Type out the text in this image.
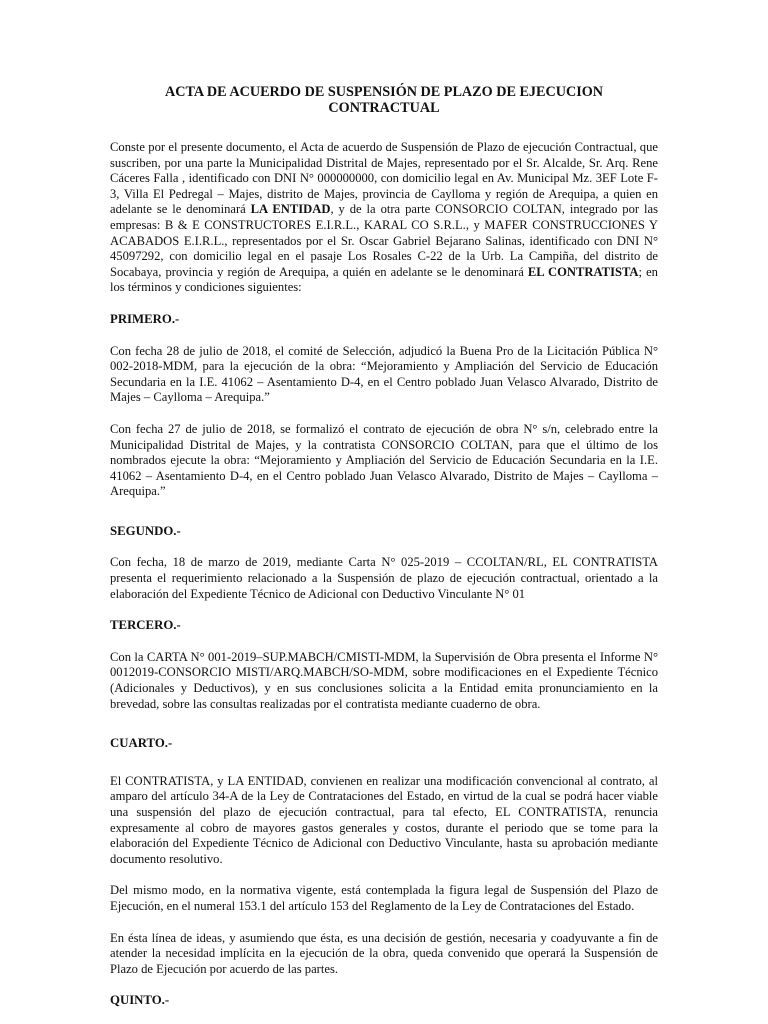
ACTA DE ACUERDO DE SUSPENSIÓN DE PLAZO DE EJECUCION
CONTRACTUAL

Conste por el presente documento, el Acta de acuerdo de Suspensión de Plazo de ejecución Contractual, que suscriben, por una parte la Municipalidad Distrital de Majes, representado por el Sr. Alcalde, Sr. Arq. Rene Cáceres Falla , identificado con DNI N° 000000000, con domicilio legal en Av. Municipal Mz. 3EF Lote F-3, Villa El Pedregal – Majes, distrito de Majes, provincia de Caylloma y región de Arequipa, a quien en adelante se le denominará LA ENTIDAD, y de la otra parte CONSORCIO COLTAN, integrado por las empresas: B & E CONSTRUCTORES E.I.R.L., KARAL CO S.R.L., y MAFER CONSTRUCCIONES Y ACABADOS E.I.R.L., representados por el Sr. Oscar Gabriel Bejarano Salinas, identificado con DNI N° 45097292, con domicilio legal en el pasaje Los Rosales C-22 de la Urb. La Campiña, del distrito de Socabaya, provincia y región de Arequipa, a quién en adelante se le denominará EL CONTRATISTA; en los términos y condiciones siguientes:

PRIMERO.-

Con fecha 28 de julio de 2018, el comité de Selección, adjudicó la Buena Pro de la Licitación Pública N° 002-2018-MDM, para la ejecución de la obra: “Mejoramiento y Ampliación del Servicio de Educación Secundaria en la I.E. 41062 – Asentamiento D-4, en el Centro poblado Juan Velasco Alvarado, Distrito de Majes – Caylloma – Arequipa.”

Con fecha 27 de julio de 2018, se formalizó el contrato de ejecución de obra N° s/n, celebrado entre la Municipalidad Distrital de Majes, y la contratista CONSORCIO COLTAN, para que el último de los nombrados ejecute la obra: “Mejoramiento y Ampliación del Servicio de Educación Secundaria en la I.E. 41062 – Asentamiento D-4, en el Centro poblado Juan Velasco Alvarado, Distrito de Majes – Caylloma – Arequipa.”

SEGUNDO.-

Con fecha, 18 de marzo de 2019, mediante Carta N° 025-2019 – CCOLTAN/RL, EL CONTRATISTA presenta el requerimiento relacionado a la Suspensión de plazo de ejecución contractual, orientado a la elaboración del Expediente Técnico de Adicional con Deductivo Vinculante N° 01

TERCERO.-

Con la CARTA N° 001-2019–SUP.MABCH/CMISTI-MDM, la Supervisión de Obra presenta el Informe N° 0012019-CONSORCIO MISTI/ARQ.MABCH/SO-MDM, sobre modificaciones en el Expediente Técnico (Adicionales y Deductivos), y en sus conclusiones solicita a la Entidad emita pronunciamiento en la brevedad, sobre las consultas realizadas por el contratista mediante cuaderno de obra.

CUARTO.-

El CONTRATISTA, y LA ENTIDAD, convienen en realizar una modificación convencional al contrato, al amparo del artículo 34-A de la Ley de Contrataciones del Estado, en virtud de la cual se podrá hacer viable una suspensión del plazo de ejecución contractual, para tal efecto, EL CONTRATISTA, renuncia expresamente al cobro de mayores gastos generales y costos, durante el periodo que se tome para la elaboración del Expediente Técnico de Adicional con Deductivo Vinculante, hasta su aprobación mediante documento resolutivo.

Del mismo modo, en la normativa vigente, está contemplada la figura legal de Suspensión del Plazo de Ejecución, en el numeral 153.1 del artículo 153 del Reglamento de la Ley de Contrataciones del Estado.

En ésta línea de ideas, y asumiendo que ésta, es una decisión de gestión, necesaria y coadyuvante a fin de atender la necesidad implícita en la ejecución de la obra, queda convenido que operará la Suspensión de Plazo de Ejecución por acuerdo de las partes.

QUINTO.-
